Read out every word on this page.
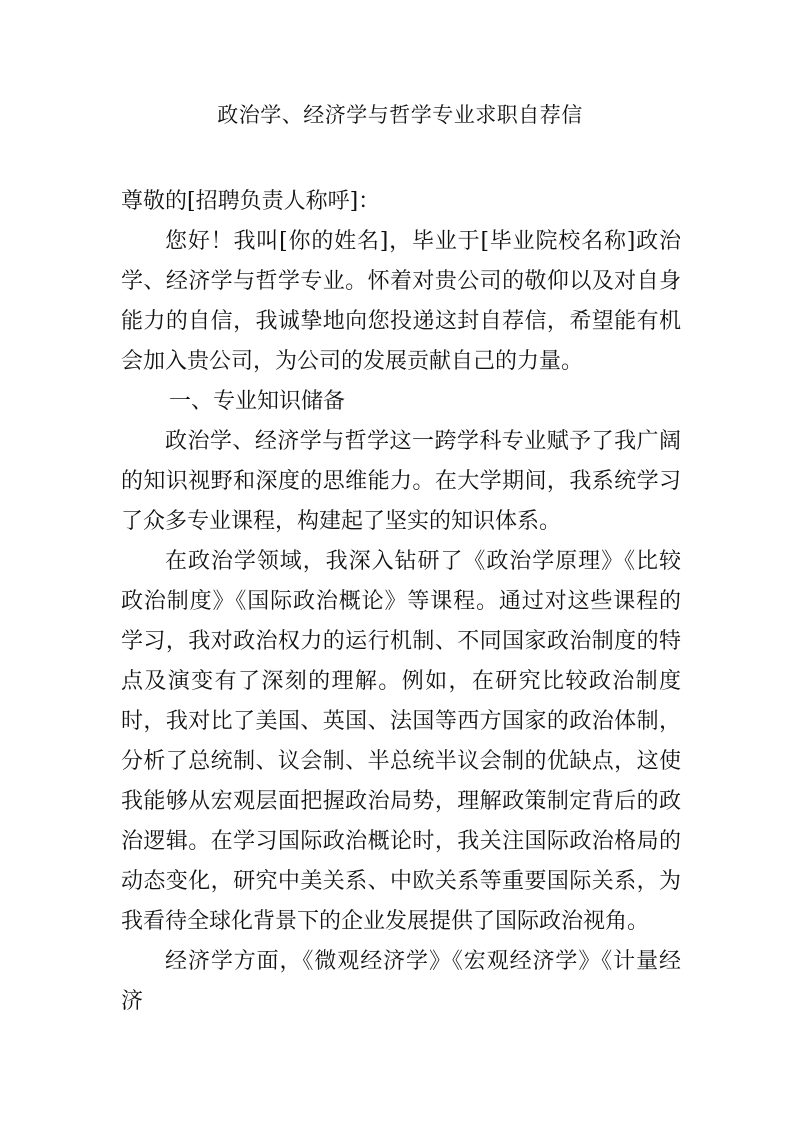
政治学、经济学与哲学专业求职自荐信

尊敬的[招聘负责人称呼]：

您好！我叫[你的姓名]，毕业于[毕业院校名称]政治学、经济学与哲学专业。怀着对贵公司的敬仰以及对自身能力的自信，我诚挚地向您投递这封自荐信，希望能有机会加入贵公司，为公司的发展贡献自己的力量。

一、专业知识储备

政治学、经济学与哲学这一跨学科专业赋予了我广阔的知识视野和深度的思维能力。在大学期间，我系统学习了众多专业课程，构建起了坚实的知识体系。

在政治学领域，我深入钻研了《政治学原理》《比较政治制度》《国际政治概论》等课程。通过对这些课程的学习，我对政治权力的运行机制、不同国家政治制度的特点及演变有了深刻的理解。例如，在研究比较政治制度时，我对比了美国、英国、法国等西方国家的政治体制，分析了总统制、议会制、半总统半议会制的优缺点，这使我能够从宏观层面把握政治局势，理解政策制定背后的政治逻辑。在学习国际政治概论时，我关注国际政治格局的动态变化，研究中美关系、中欧关系等重要国际关系，为我看待全球化背景下的企业发展提供了国际政治视角。

经济学方面，《微观经济学》《宏观经济学》《计量经济
